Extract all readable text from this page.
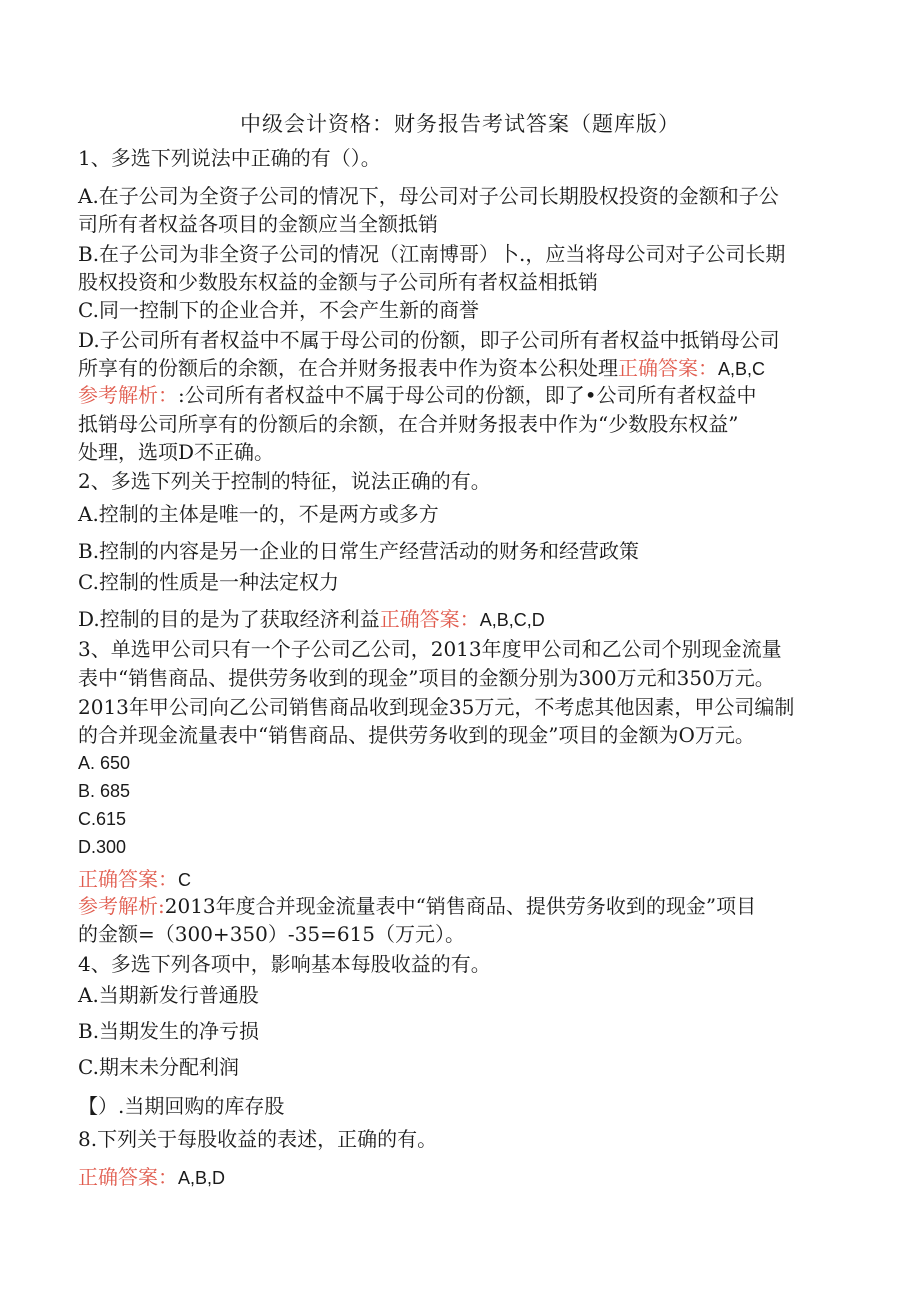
中级会计资格：财务报告考试答案（题库版）
1、多选下列说法中正确的有（）。
A.在子公司为全资子公司的情况下，母公司对子公司长期股权投资的金额和子公
司所有者权益各项目的金额应当全额抵销
B.在子公司为非全资子公司的情况（江南博哥）卜.，应当将母公司对子公司长期
股权投资和少数股东权益的金额与子公司所有者权益相抵销
C.同一控制下的企业合并，不会产生新的商誉
D.子公司所有者权益中不属于母公司的份额，即子公司所有者权益中抵销母公司
所享有的份额后的余额，在合并财务报表中作为资本公积处理正确答案：A,B,C
参考解析：:公司所有者权益中不属于母公司的份额，即了•公司所有者权益中
抵销母公司所享有的份额后的余额，在合并财务报表中作为“少数股东权益”
处理，选项D不正确。
2、多选下列关于控制的特征，说法正确的有。
A.控制的主体是唯一的，不是两方或多方
B.控制的内容是另一企业的日常生产经营活动的财务和经营政策
C.控制的性质是一种法定权力
D.控制的目的是为了获取经济利益正确答案：A,B,C,D
3、单选甲公司只有一个子公司乙公司，2013年度甲公司和乙公司个别现金流量
表中“销售商品、提供劳务收到的现金”项目的金额分别为300万元和350万元。
2013年甲公司向乙公司销售商品收到现金35万元，不考虑其他因素，甲公司编制
的合并现金流量表中“销售商品、提供劳务收到的现金”项目的金额为O万元。
A. 650
B. 685
C.615
D.300
正确答案：C
参考解析:2013年度合并现金流量表中“销售商品、提供劳务收到的现金”项目
的金额=（300+350）-35=615（万元）。
4、多选下列各项中，影响基本每股收益的有。
A.当期新发行普通股
B.当期发生的净亏损
C.期末未分配利润
【）.当期回购的库存股
8.下列关于每股收益的表述，正确的有。
正确答案：A,B,D
